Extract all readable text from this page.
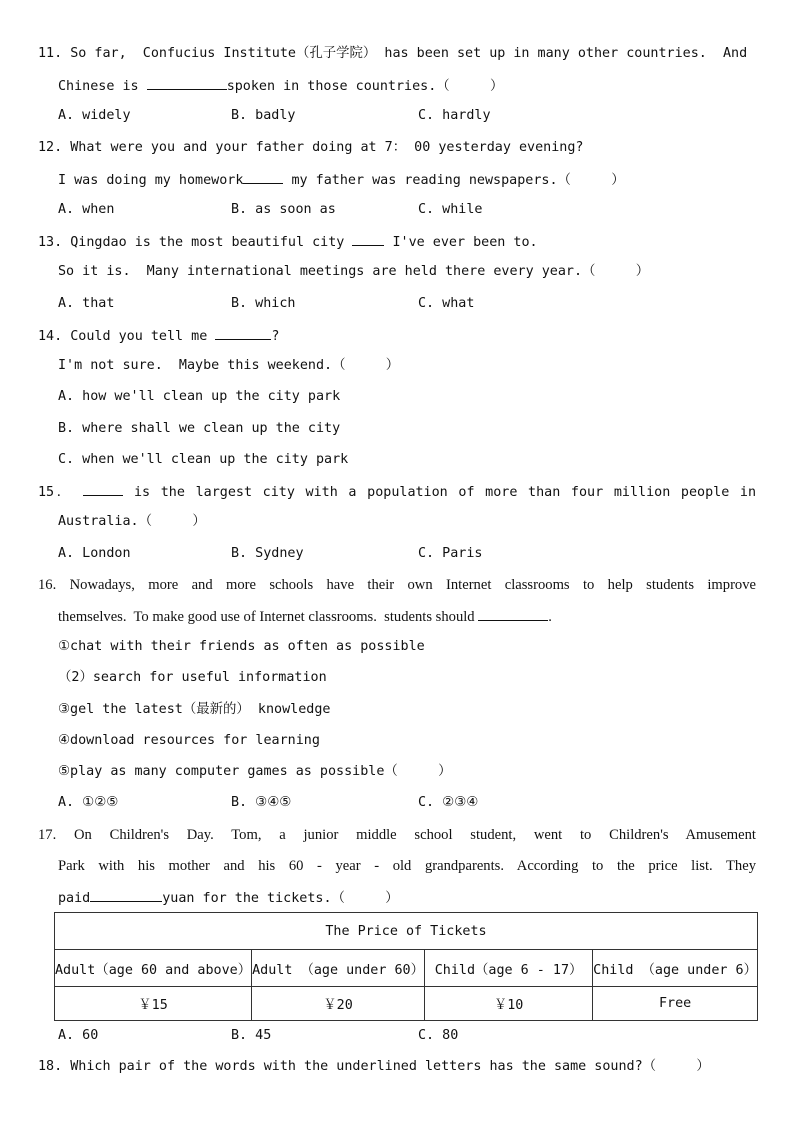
11. So far,  Confucius Institute（孔子学院） has been set up in many other countries.  And
Chinese is	spoken in those countries.（     ）
A. widely	B. badly	C. hardly
12. What were you and your father doing at 7： 00 yesterday evening?
I was doing my homework	my father was reading newspapers.（     ）
A. when	B. as soon as	C. while
13. Qingdao is the most beautiful city  I've ever been to.
So it is.  Many international meetings are held there every year.（     ）
A. that	B. which	C. what
14. Could you tell me	?
I'm not sure.  Maybe this weekend.（     ）
A. how we'll clean up the city park
B. where shall we clean up the city
C. when we'll clean up the city park
15．	is the largest city with a population of more than four million people in
Australia.（     ）
A. London	B. Sydney	C. Paris
16. Nowadays, more and more schools have their own Internet classrooms to help students improve
themselves.  To make good use of Internet classrooms.  students should	.
①chat with their friends as often as possible
（2）search for useful information
③gel the latest（最新的） knowledge
④download resources for learning
⑤play as many computer games as possible（     ）
A. ①②⑤	B. ③④⑤	C. ②③④
17. On Children's Day. Tom, a junior middle school student, went to Children's Amusement
Park with his mother and his 60 - year - old grandparents. According to the price list. They
paid	yuan for the tickets.（     ）
The Price of Tickets			
Adult（age 60 and above）	Adult （age under 60）	Child（age 6 - 17）	Child （age under 6）
￥15	￥20	￥10	Free
A. 60	B. 45	C. 80
18. Which pair of the words with the underlined letters has the same sound?（     ）
